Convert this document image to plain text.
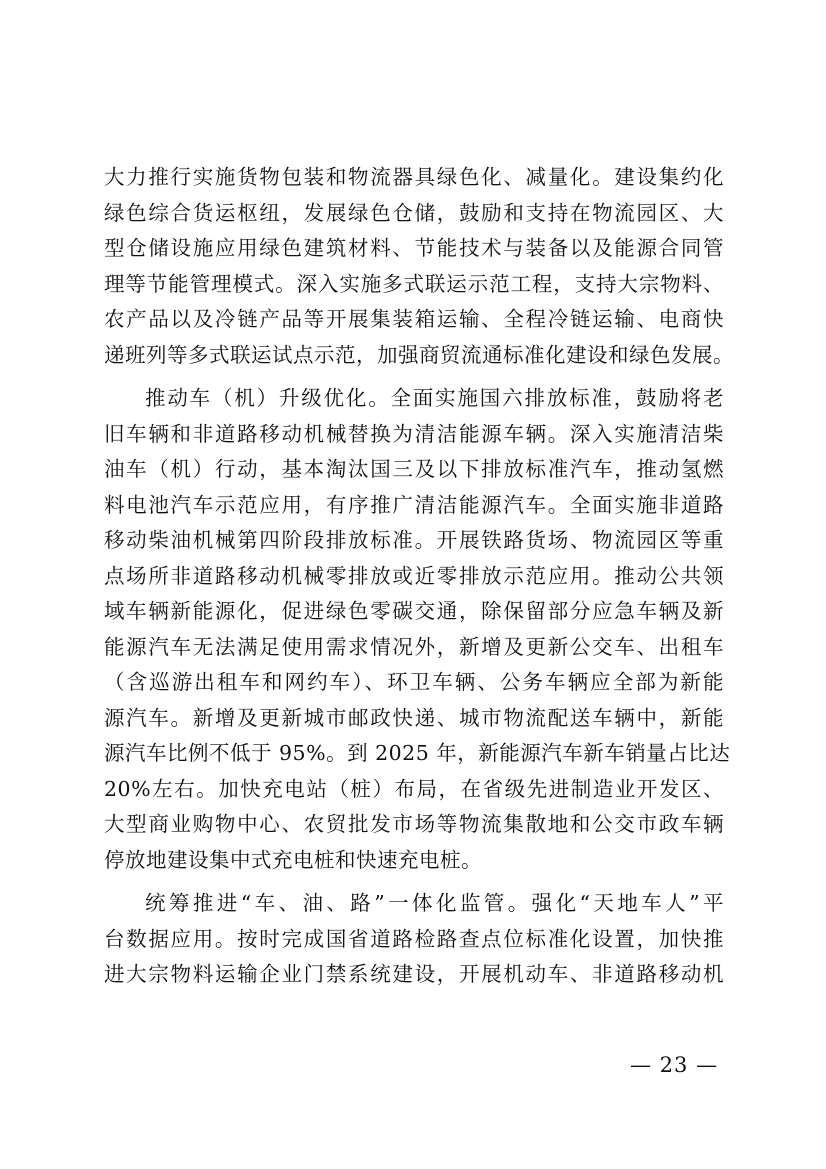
大力推行实施货物包装和物流器具绿色化、减量化。建设集约化
绿色综合货运枢纽，发展绿色仓储，鼓励和支持在物流园区、大
型仓储设施应用绿色建筑材料、节能技术与装备以及能源合同管
理等节能管理模式。深入实施多式联运示范工程，支持大宗物料、
农产品以及冷链产品等开展集装箱运输、全程冷链运输、电商快
递班列等多式联运试点示范，加强商贸流通标准化建设和绿色发展。
推动车（机）升级优化。全面实施国六排放标准，鼓励将老
旧车辆和非道路移动机械替换为清洁能源车辆。深入实施清洁柴
油车（机）行动，基本淘汰国三及以下排放标准汽车，推动氢燃
料电池汽车示范应用，有序推广清洁能源汽车。全面实施非道路
移动柴油机械第四阶段排放标准。开展铁路货场、物流园区等重
点场所非道路移动机械零排放或近零排放示范应用。推动公共领
域车辆新能源化，促进绿色零碳交通，除保留部分应急车辆及新
能源汽车无法满足使用需求情况外，新增及更新公交车、出租车
（含巡游出租车和网约车）、环卫车辆、公务车辆应全部为新能
源汽车。新增及更新城市邮政快递、城市物流配送车辆中，新能
源汽车比例不低于 95%。到 2025 年，新能源汽车新车销量占比达
20%左右。加快充电站（桩）布局，在省级先进制造业开发区、
大型商业购物中心、农贸批发市场等物流集散地和公交市政车辆
停放地建设集中式充电桩和快速充电桩。
统筹推进“车、油、路”一体化监管。强化“天地车人”平
台数据应用。按时完成国省道路检路查点位标准化设置，加快推
进大宗物料运输企业门禁系统建设，开展机动车、非道路移动机
— 23 —
